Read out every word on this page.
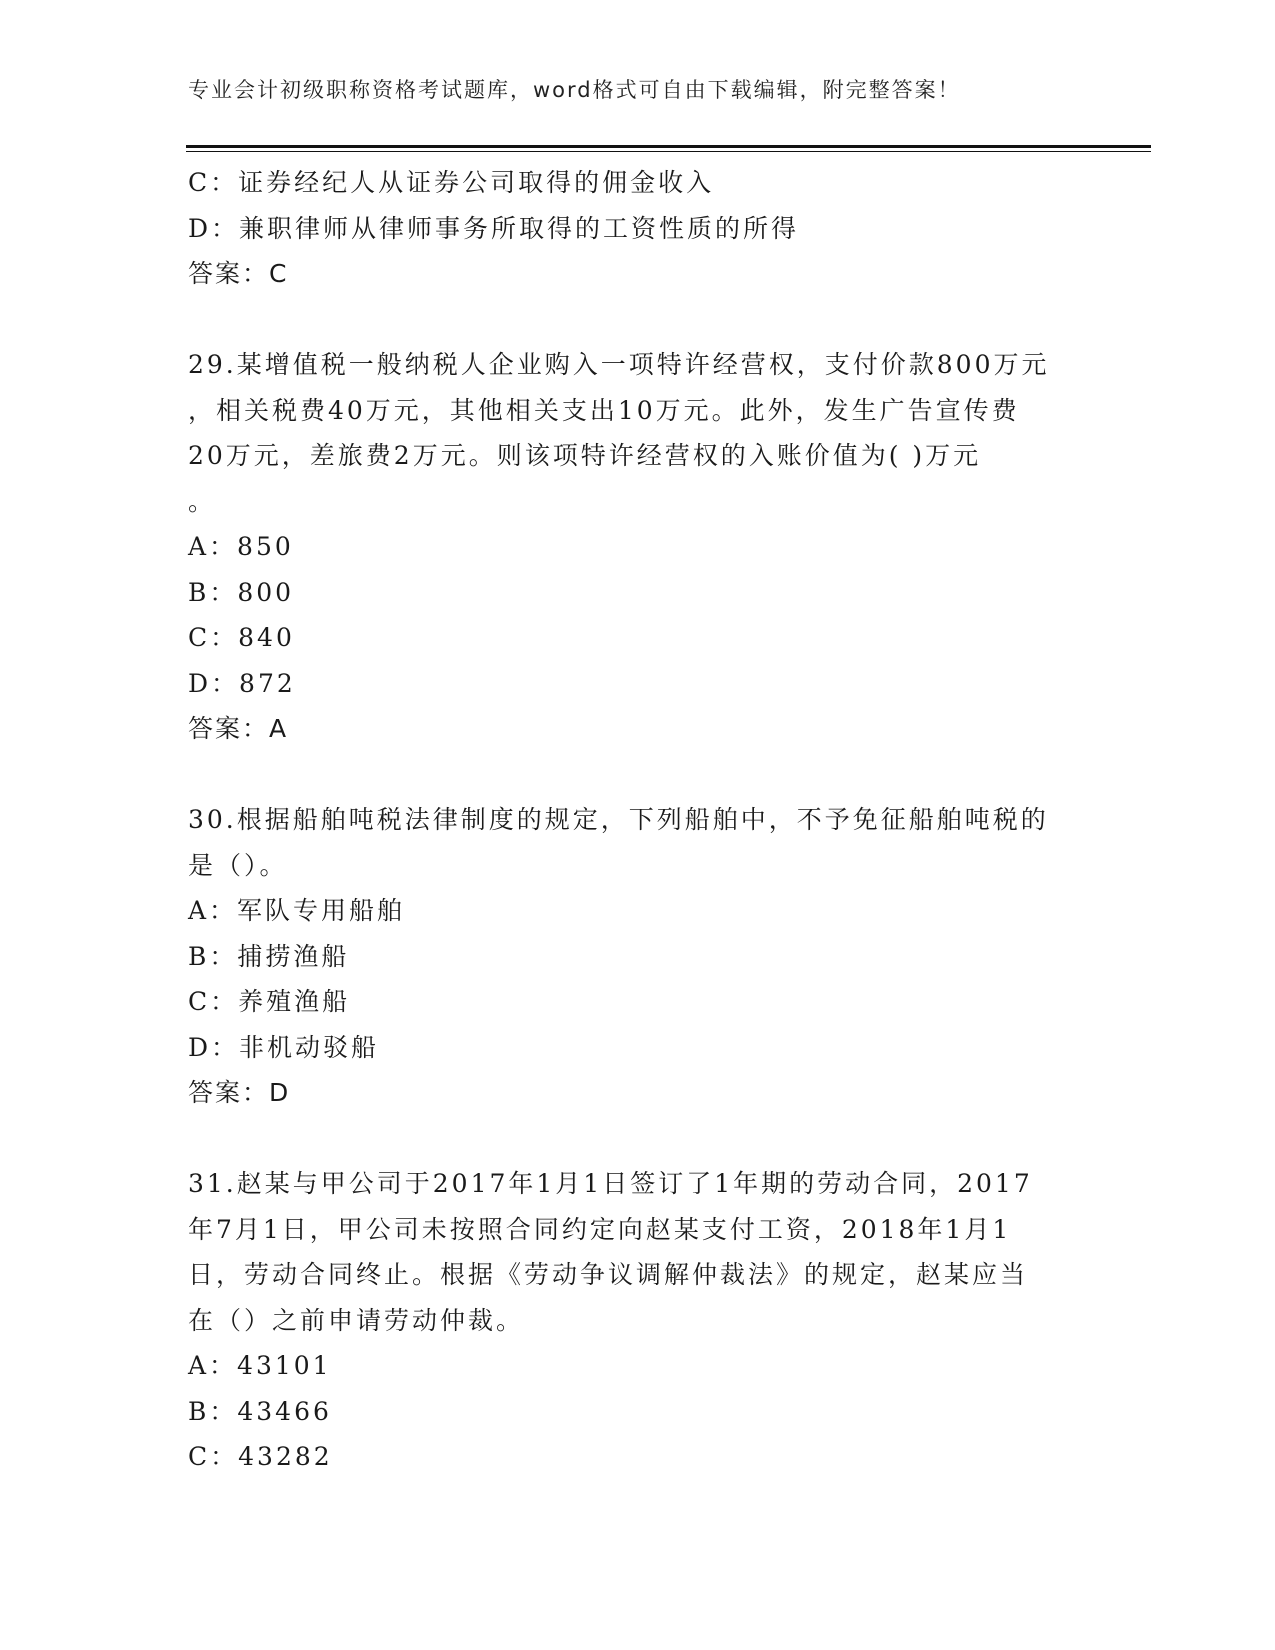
专业会计初级职称资格考试题库，word格式可自由下载编辑，附完整答案！
C：证券经纪人从证券公司取得的佣金收入
D：兼职律师从律师事务所取得的工资性质的所得
答案：C
29.某增值税一般纳税人企业购入一项特许经营权，支付价款800万元
，相关税费40万元，其他相关支出10万元。此外，发生广告宣传费
20万元，差旅费2万元。则该项特许经营权的入账价值为( )万元
。
A：850
B：800
C：840
D：872
答案：A
30.根据船舶吨税法律制度的规定，下列船舶中，不予免征船舶吨税的
是（）。
A：军队专用船舶
B：捕捞渔船
C：养殖渔船
D：非机动驳船
答案：D
31.赵某与甲公司于2017年1月1日签订了1年期的劳动合同，2017
年7月1日，甲公司未按照合同约定向赵某支付工资，2018年1月1
日，劳动合同终止。根据《劳动争议调解仲裁法》的规定，赵某应当
在（）之前申请劳动仲裁。
A：43101
B：43466
C：43282
